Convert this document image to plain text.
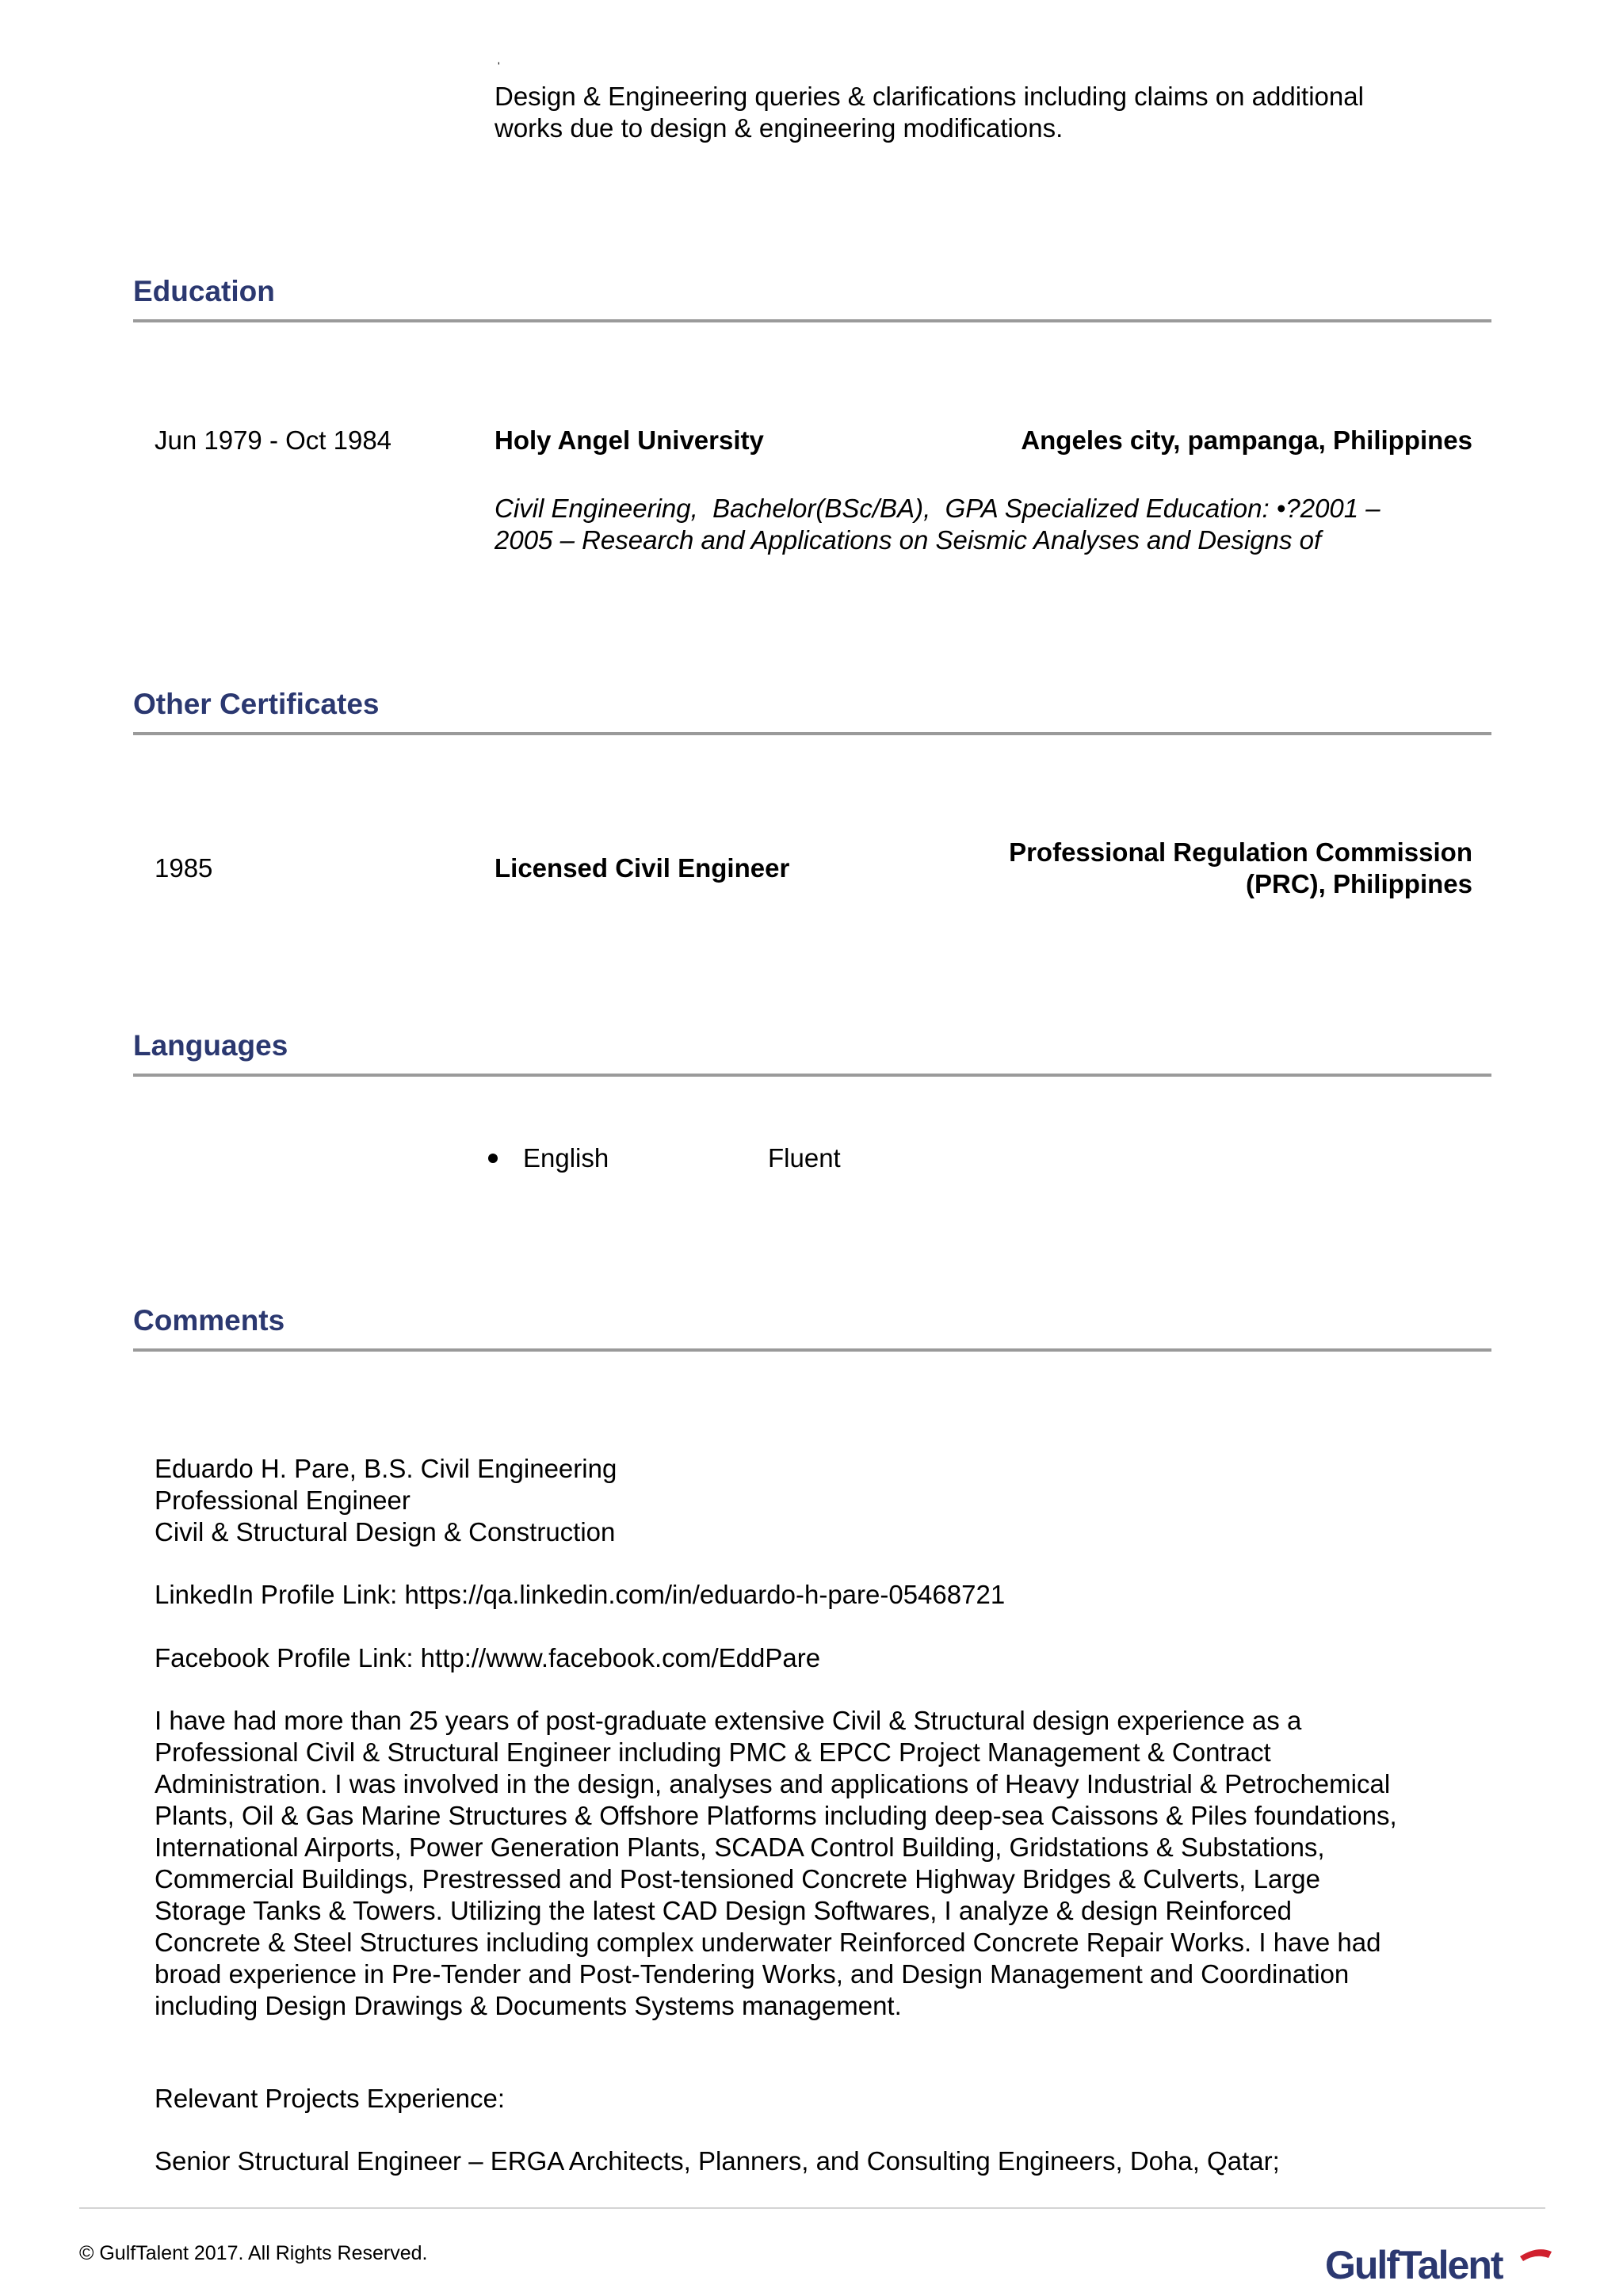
'
Design & Engineering queries & clarifications including claims on additional
works due to design & engineering modifications.
Education
Jun 1979 - Oct 1984	Holy Angel University	Angeles city, pampanga, Philippines
Civil Engineering,  Bachelor(BSc/BA),  GPA Specialized Education: •?2001 –
2005 – Research and Applications on Seismic Analyses and Designs of
Other Certificates
1985	Licensed Civil Engineer
Professional Regulation Commission
(PRC), Philippines
Languages
English	Fluent
Comments
Eduardo H. Pare, B.S. Civil Engineering
Professional Engineer
Civil & Structural Design & Construction
LinkedIn Profile Link: https://qa.linkedin.com/in/eduardo-h-pare-05468721
Facebook Profile Link: http://www.facebook.com/EddPare
I have had more than 25 years of post-graduate extensive Civil & Structural design experience as a
Professional Civil & Structural Engineer including PMC & EPCC Project Management & Contract
Administration. I was involved in the design, analyses and applications of Heavy Industrial & Petrochemical
Plants, Oil & Gas Marine Structures & Offshore Platforms including deep-sea Caissons & Piles foundations,
International Airports, Power Generation Plants, SCADA Control Building, Gridstations & Substations,
Commercial Buildings, Prestressed and Post-tensioned Concrete Highway Bridges & Culverts, Large
Storage Tanks & Towers. Utilizing the latest CAD Design Softwares, I analyze & design Reinforced
Concrete & Steel Structures including complex underwater Reinforced Concrete Repair Works. I have had
broad experience in Pre-Tender and Post-Tendering Works, and Design Management and Coordination
including Design Drawings & Documents Systems management.
Relevant Projects Experience:
Senior Structural Engineer – ERGA Architects, Planners, and Consulting Engineers, Doha, Qatar;
© GulfTalent 2017. All Rights Reserved.	GulfTalent
